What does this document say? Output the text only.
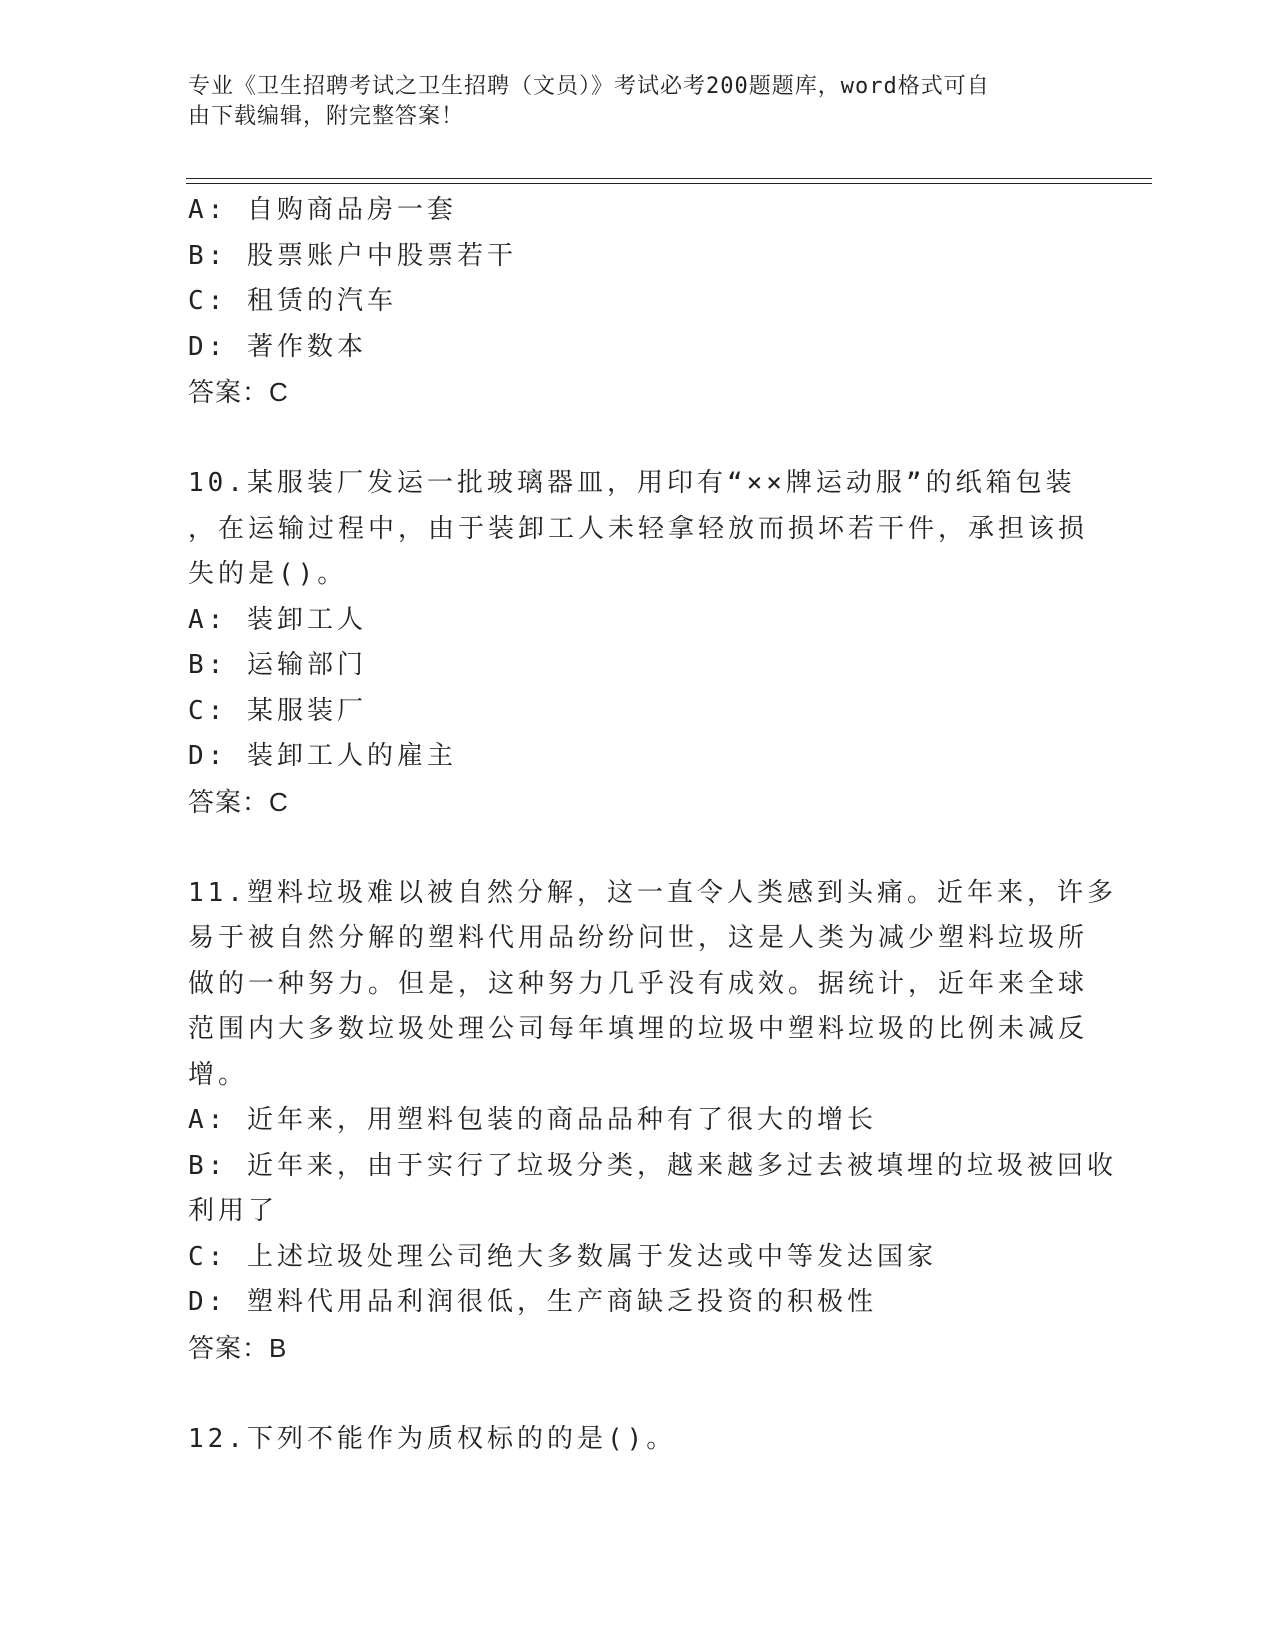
专业《卫生招聘考试之卫生招聘（文员）》考试必考200题题库，word格式可自
由下载编辑，附完整答案！
A: 自购商品房一套
B: 股票账户中股票若干
C: 租赁的汽车
D: 著作数本
答案：C
10.某服装厂发运一批玻璃器皿，用印有“××牌运动服”的纸箱包装
，在运输过程中，由于装卸工人未轻拿轻放而损坏若干件，承担该损
失的是()。
A: 装卸工人
B: 运输部门
C: 某服装厂
D: 装卸工人的雇主
答案：C
11.塑料垃圾难以被自然分解，这一直令人类感到头痛。近年来，许多
易于被自然分解的塑料代用品纷纷问世，这是人类为减少塑料垃圾所
做的一种努力。但是，这种努力几乎没有成效。据统计，近年来全球
范围内大多数垃圾处理公司每年填埋的垃圾中塑料垃圾的比例未减反
增。
A: 近年来，用塑料包装的商品品种有了很大的增长
B: 近年来，由于实行了垃圾分类，越来越多过去被填埋的垃圾被回收
利用了
C: 上述垃圾处理公司绝大多数属于发达或中等发达国家
D: 塑料代用品利润很低，生产商缺乏投资的积极性
答案：B
12.下列不能作为质权标的的是()。
